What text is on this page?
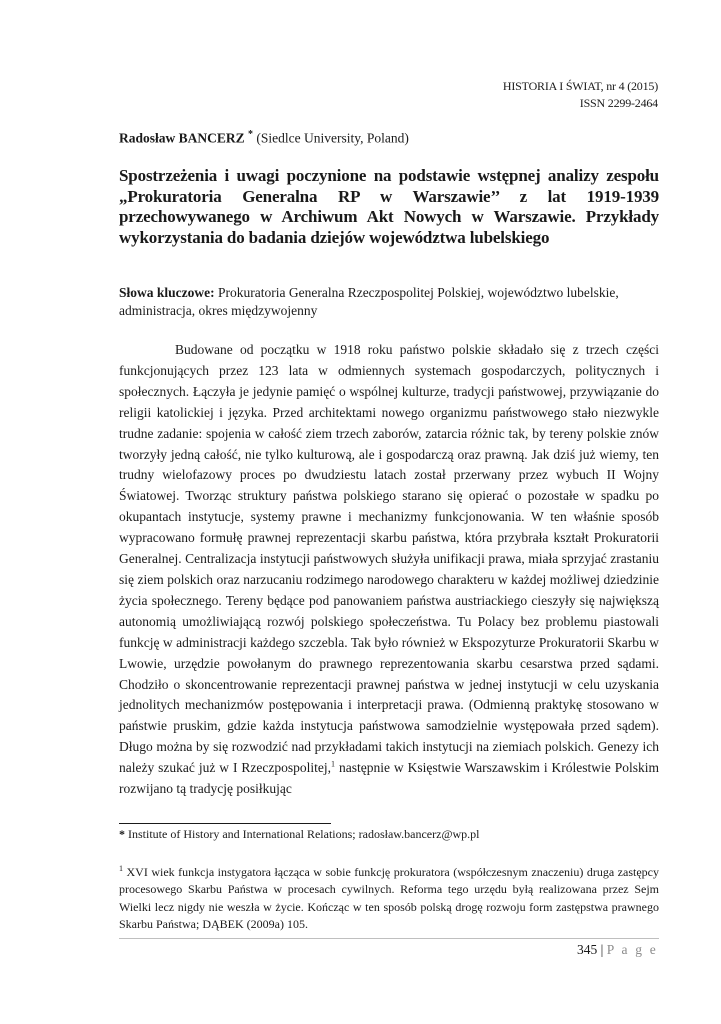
HISTORIA I ŚWIAT, nr 4 (2015)
ISSN 2299-2464
Radosław BANCERZ * (Siedlce University, Poland)
Spostrzeżenia i uwagi poczynione na podstawie wstępnej analizy zespołu „Prokuratoria Generalna RP w Warszawie’’ z lat 1919-1939 przechowywanego w Archiwum Akt Nowych w Warszawie. Przykłady wykorzystania do badania dziejów województwa lubelskiego
Słowa kluczowe: Prokuratoria Generalna Rzeczpospolitej Polskiej, województwo lubelskie, administracja, okres międzywojenny

Budowane od początku w 1918 roku państwo polskie składało się z trzech części funkcjonujących przez 123 lata w odmiennych systemach gospodarczych, politycznych i społecznych. Łączyła je jedynie pamięć o wspólnej kulturze, tradycji państwowej, przywiązanie do religii katolickiej i języka. Przed architektami nowego organizmu państwowego stało niezwykle trudne zadanie: spojenia w całość ziem trzech zaborów, zatarcia różnic tak, by tereny polskie znów tworzyły jedną całość, nie tylko kulturową, ale i gospodarczą oraz prawną. Jak dziś już wiemy, ten trudny wielofazowy proces po dwudziestu latach został przerwany przez wybuch II Wojny Światowej. Tworząc struktury państwa polskiego starano się opierać o pozostałe w spadku po okupantach instytucje, systemy prawne i mechanizmy funkcjonowania. W ten właśnie sposób wypracowano formułę prawnej reprezentacji skarbu państwa, która przybrała kształt Prokuratorii Generalnej. Centralizacja instytucji państwowych służyła unifikacji prawa, miała sprzyjać zrastaniu się ziem polskich oraz narzucaniu rodzimego narodowego charakteru w każdej możliwej dziedzinie życia społecznego. Tereny będące pod panowaniem państwa austriackiego cieszyły się największą autonomią umożliwiającą rozwój polskiego społeczeństwa. Tu Polacy bez problemu piastowali funkcję w administracji każdego szczebla. Tak było również w Ekspozyturze Prokuratorii Skarbu w Lwowie, urzędzie powołanym do prawnego reprezentowania skarbu cesarstwa przed sądami. Chodziło o skoncentrowanie reprezentacji prawnej państwa w jednej instytucji w celu uzyskania jednolitych mechanizmów postępowania i interpretacji prawa. (Odmienną praktykę stosowano w państwie pruskim, gdzie każda instytucja państwowa samodzielnie występowała przed sądem). Długo można by się rozwodzić nad przykładami takich instytucji na ziemiach polskich. Genezy ich należy szukać już w I Rzeczpospolitej,$^1$ następnie w Księstwie Warszawskim i Królestwie Polskim rozwijano tą tradycję posiłkując

* Institute of History and International Relations; radosław.bancerz@wp.pl
$^1$ XVI wiek funkcja instygatora łącząca w sobie funkcję prokuratora (współczesnym znaczeniu) druga zastępcy procesowego Skarbu Państwa w procesach cywilnych. Reforma tego urzędu byłą realizowana przez Sejm Wielki lecz nigdy nie weszła w życie. Kończąc w ten sposób polską drogę rozwoju form zastępstwa prawnego Skarbu Państwa; DĄBEK (2009a) 105.
345 | P a g e
